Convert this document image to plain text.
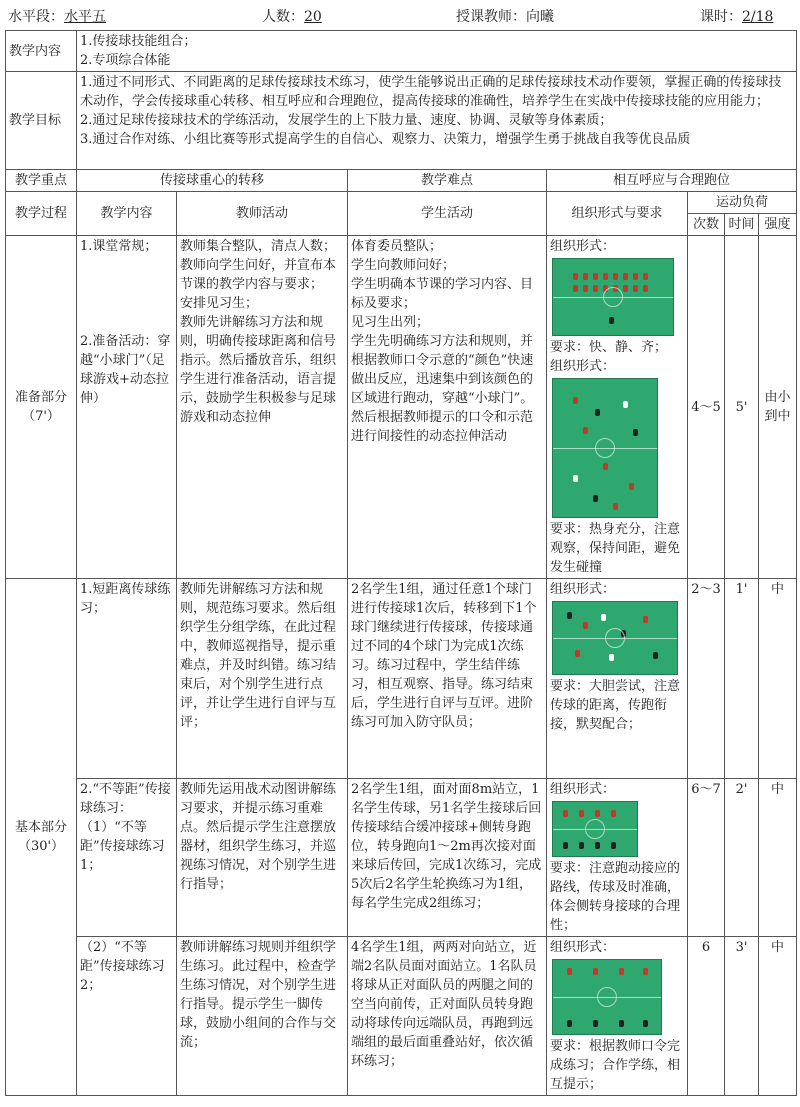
水平段：水平五	人数：20	授课教师：向曦	课时：2/18
教学内容	1.传接球技能组合；
2.专项综合体能						

教学目标	1.通过不同形式、不同距离的足球传接球技术练习，使学生能够说出正确的足球传接球技术动作要领，掌握正确的传接球技术动作，学会传接球重心转移、相互呼应和合理跑位，提高传接球的准确性，培养学生在实战中传接球技能的应用能力；
2.通过足球传接球技术的学练活动，发展学生的上下肢力量、速度、协调、灵敏等身体素质；
3.通过合作对练、小组比赛等形式提高学生的自信心、观察力、决策力，增强学生勇于挑战自我等优良品质						

教学重点	传接球重心的转移		教学难点	相互呼应与合理跑位			
教学过程	教学内容	教师活动	学生活动	组织形式与要求	运动负荷		
					次数	时间	强度

准备部分
（7'）	1.课堂常规；
2.准备活动：穿越“小球门”（足球游戏+动态拉伸）	教师集合整队，清点人数；
教师向学生问好，并宣布本节课的教学内容与要求；
安排见习生；
教师先讲解练习方法和规则，明确传接球距离和信号指示。然后播放音乐，组织学生进行准备活动，语言提示，鼓励学生积极参与足球游戏和动态拉伸	体育委员整队；
学生向教师问好；
学生明确本节课的学习内容、目标及要求；
见习生出列；
学生先明确练习方法和规则，并根据教师口令示意的“颜色”快速做出反应，迅速集中到该颜色的区域进行跑动，穿越“小球门”。然后根据教师提示的口令和示范进行间接性的动态拉伸活动	组织形式：
要求：快、静、齐；
组织形式：
要求：热身充分，注意观察，保持间距，避免发生碰撞	4～5	5'	由小到中

基本部分
（30'）	1.短距离传球练习；	教师先讲解练习方法和规则，规范练习要求。然后组织学生分组学练，在此过程中，教师巡视指导，提示重难点，并及时纠错。练习结束后，对个别学生进行点评，并让学生进行自评与互评；	2名学生1组，通过任意1个球门进行传接球1次后，转移到下1个球门继续进行传接球，传接球通过不同的4个球门为完成1次练习。练习过程中，学生结伴练习，相互观察、指导。练习结束后，学生进行自评与互评。进阶练习可加入防守队员；	组织形式：
要求：大胆尝试，注意传球的距离，传跑衔接，默契配合；	2～3	1'	中

	2.“不等距”传接球练习：
（1）“不等距”传接球练习1；	教师先运用战术动图讲解练习要求，并提示练习重难点。然后提示学生注意摆放器材，组织学生练习，并巡视练习情况，对个别学生进行指导；	2名学生1组，面对面8m站立，1名学生传球，另1名学生接球后回传接球结合缓冲接球+侧转身跑位，转身跑向1～2m再次接对面来球后传回，完成1次练习，完成5次后2名学生轮换练习为1组，每名学生完成2组练习；	组织形式：
要求：注意跑动接应的路线，传球及时准确，体会侧转身接球的合理性；	6～7	2'	中

	（2）“不等距”传接球练习2；	教师讲解练习规则并组织学生练习。此过程中，检查学生练习情况，对个别学生进行指导。提示学生一脚传球，鼓励小组间的合作与交流；	4名学生1组，两两对向站立，近端2名队员面对面站立。1名队员将球从正对面队员的两腿之间的空当向前传，正对面队员转身跑动将球传向远端队员，再跑到远端组的最后面重叠站好，依次循环练习；	组织形式：
要求：根据教师口令完成练习；合作学练，相互提示；	6	3'	中
